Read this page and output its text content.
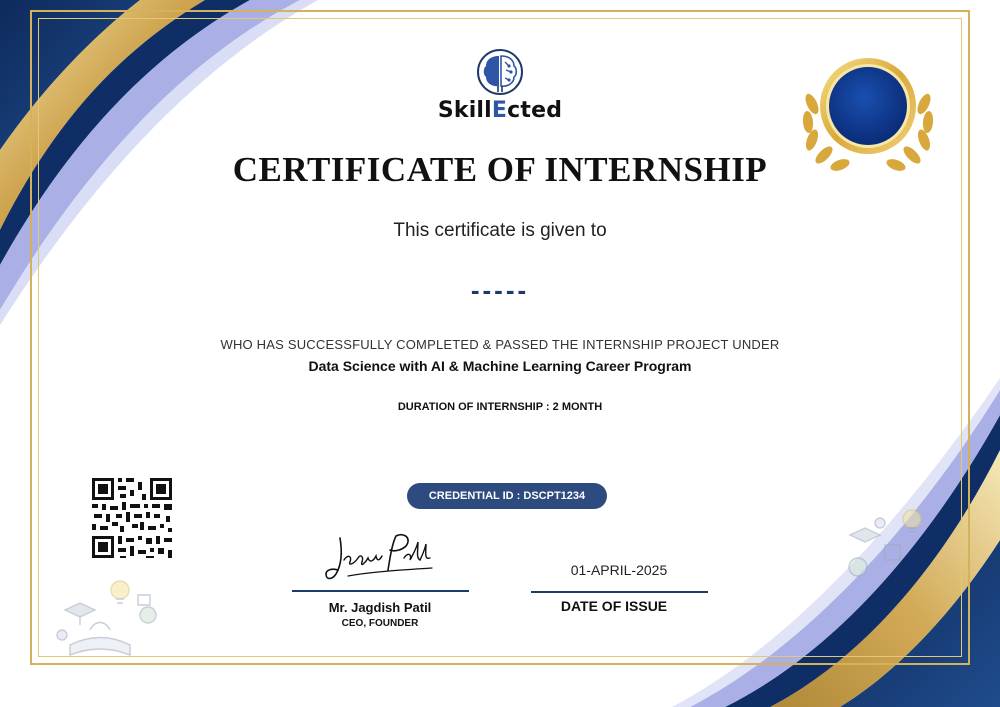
SkillEcted
CERTIFICATE OF INTERNSHIP
This certificate is given to
-----
WHO HAS SUCCESSFULLY COMPLETED & PASSED THE INTERNSHIP PROJECT UNDER
Data Science with AI & Machine Learning Career Program
DURATION OF INTERNSHIP : 2 MONTH
CREDENTIAL ID : DSCPT1234
Mr. Jagdish Patil
CEO, FOUNDER
01-APRIL-2025
DATE OF ISSUE
